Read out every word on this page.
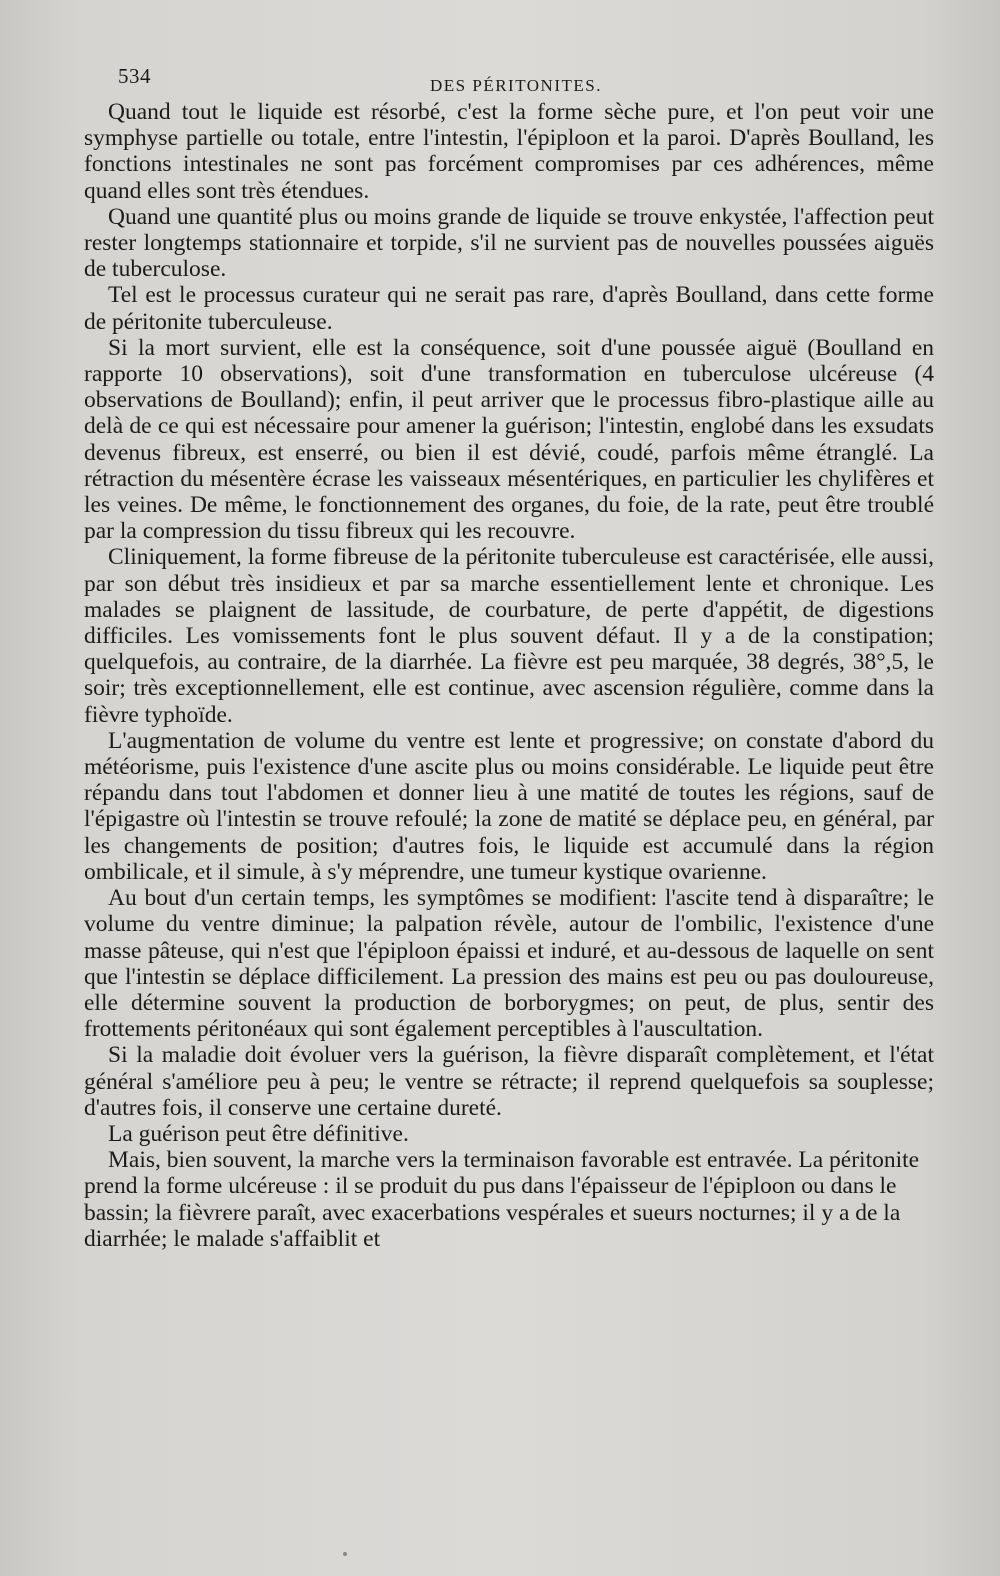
534	DES PÉRITONITES.

Quand tout le liquide est résorbé, c'est la forme sèche pure, et l'on peut voir une symphyse partielle ou totale, entre l'intestin, l'épiploon et la paroi. D'après Boulland, les fonctions intestinales ne sont pas forcément compromises par ces adhérences, même quand elles sont très étendues.

Quand une quantité plus ou moins grande de liquide se trouve enkystée, l'affection peut rester longtemps stationnaire et torpide, s'il ne survient pas de nouvelles poussées aiguës de tuberculose.

Tel est le processus curateur qui ne serait pas rare, d'après Boulland, dans cette forme de péritonite tuberculeuse.

Si la mort survient, elle est la conséquence, soit d'une poussée aiguë (Boulland en rapporte 10 observations), soit d'une transformation en tuberculose ulcéreuse (4 observations de Boulland); enfin, il peut arriver que le processus fibro-plastique aille au delà de ce qui est nécessaire pour amener la guérison; l'intestin, englobé dans les exsudats devenus fibreux, est enserré, ou bien il est dévié, coudé, parfois même étranglé. La rétraction du mésentère écrase les vaisseaux mésentériques, en particulier les chylifères et les veines. De même, le fonctionnement des organes, du foie, de la rate, peut être troublé par la compression du tissu fibreux qui les recouvre.

Cliniquement, la forme fibreuse de la péritonite tuberculeuse est caractérisée, elle aussi, par son début très insidieux et par sa marche essentiellement lente et chronique. Les malades se plaignent de lassitude, de courbature, de perte d'appétit, de digestions difficiles. Les vomissements font le plus souvent défaut. Il y a de la constipation; quelquefois, au contraire, de la diarrhée. La fièvre est peu marquée, 38 degrés, 38°,5, le soir; très exceptionnellement, elle est continue, avec ascension régulière, comme dans la fièvre typhoïde.

L'augmentation de volume du ventre est lente et progressive; on constate d'abord du météorisme, puis l'existence d'une ascite plus ou moins considérable. Le liquide peut être répandu dans tout l'abdomen et donner lieu à une matité de toutes les régions, sauf de l'épigastre où l'intestin se trouve refoulé; la zone de matité se déplace peu, en général, par les changements de position; d'autres fois, le liquide est accumulé dans la région ombilicale, et il simule, à s'y méprendre, une tumeur kystique ovarienne.

Au bout d'un certain temps, les symptômes se modifient: l'ascite tend à disparaître; le volume du ventre diminue; la palpation révèle, autour de l'ombilic, l'existence d'une masse pâteuse, qui n'est que l'épiploon épaissi et induré, et au-dessous de laquelle on sent que l'intestin se déplace difficilement. La pression des mains est peu ou pas douloureuse, elle détermine souvent la production de borborygmes; on peut, de plus, sentir des frottements péritonéaux qui sont également perceptibles à l'auscultation.

Si la maladie doit évoluer vers la guérison, la fièvre disparaît complètement, et l'état général s'améliore peu à peu; le ventre se rétracte; il reprend quelquefois sa souplesse; d'autres fois, il conserve une certaine dureté.

La guérison peut être définitive.

Mais, bien souvent, la marche vers la terminaison favorable est entravée. La péritonite prend la forme ulcéreuse : il se produit du pus dans l'épaisseur de l'épiploon ou dans le bassin; la fièvrere paraît, avec exacerbations vespérales et sueurs nocturnes; il y a de la diarrhée; le malade s'affaiblit et
